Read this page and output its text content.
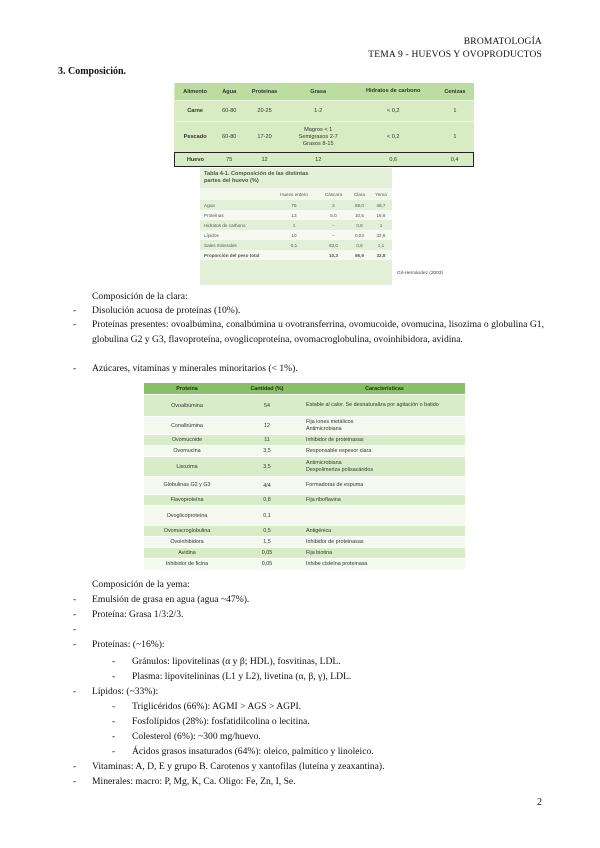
BROMATOLOGÍA
TEMA 9 - HUEVOS Y OVOPRODUCTOS
3. Composición.
Alimento	Agua	Proteínas	Grasa	Hidratos de carbono	Cenizas
Carne	60-80	20-25	1-2	< 0,2	1
Pescado	60-80	17-20	Magros < 1
Semigrasos 2-7
Grasos 8-15	< 0,2	1
Huevo	75	12	12	0,6	0,4
Tabla 4-1. Composición de las distintas partes del huevo (%)
	Huevo entero	Cáscara	Clara	Yema
Agua	75	2	88,0	48,7
Proteínas	13	5,0	10,5	16,6
Hidratos de carbono	1	–	0,8	1
Lípidos	10	–	0,03	32,6
Sales minerales	0,1	93,0	0,6	1,1
Proporción del peso total		10,3	56,9	32,8
Gil-Hernández (2003)
Composición de la clara:
- Disolución acuosa de proteínas (10%).
- Proteínas presentes: ovoalbúmina, conalbúmina u ovotransferrina, ovomucoide, ovomucina, lisozima o globulina G1, globulina G2 y G3, flavoproteína, ovoglicoproteína, ovomacroglobulina, ovoinhibidora, avidina.
- Azúcares, vitaminas y minerales minoritarios (< 1%).
Proteína	Cantidad (%)	Características
Ovoalbúmina	54	Estable al calor. Se desnaturaliza por agitación o batido
Conalbúmina	12	Fija iones metálicos
Antimicrobiana
Ovomucoide	11	Inhibidor de proteinasas
Ovomucina	3,5	Responsable espesor clara
Lisozima	3,5	Antimicrobiana
Despolimeriza polisacáridos
Globulinas G2 y G3	4/4	Formadoras de espuma
Flavoproteína	0,8	Fija riboflavina
Ovoglicoproteína	0,1	
Ovomacroglobulina	0,5	Antigénica
Ovoinhibidora	1,5	Inhibidor de proteinasas
Avidina	0,05	Fija biotina
Inhibidor de ficina	0,05	Inhibe cisteína proteinasa
Composición de la yema:
- Emulsión de grasa en agua (agua ~47%).
- Proteína: Grasa 1/3:2/3.
-
- Proteínas: (~16%):
- Gránulos: lipovitelinas (α y β; HDL), fosvitinas, LDL.
- Plasma: lipovitelininas (L1 y L2), livetina (α, β, γ), LDL.
- Lípidos: (~33%):
- Triglicéridos (66%): AGMI > AGS > AGPI.
- Fosfolípidos (28%): fosfatidilcolina o lecitina.
- Colesterol (6%): ~300 mg/huevo.
- Ácidos grasos insaturados (64%): oleico, palmítico y linoleico.
- Vitaminas: A, D, E y grupo B. Carotenos y xantofilas (luteína y zeaxantina).
- Minerales: macro: P, Mg, K, Ca. Oligo: Fe, Zn, I, Se.
2
